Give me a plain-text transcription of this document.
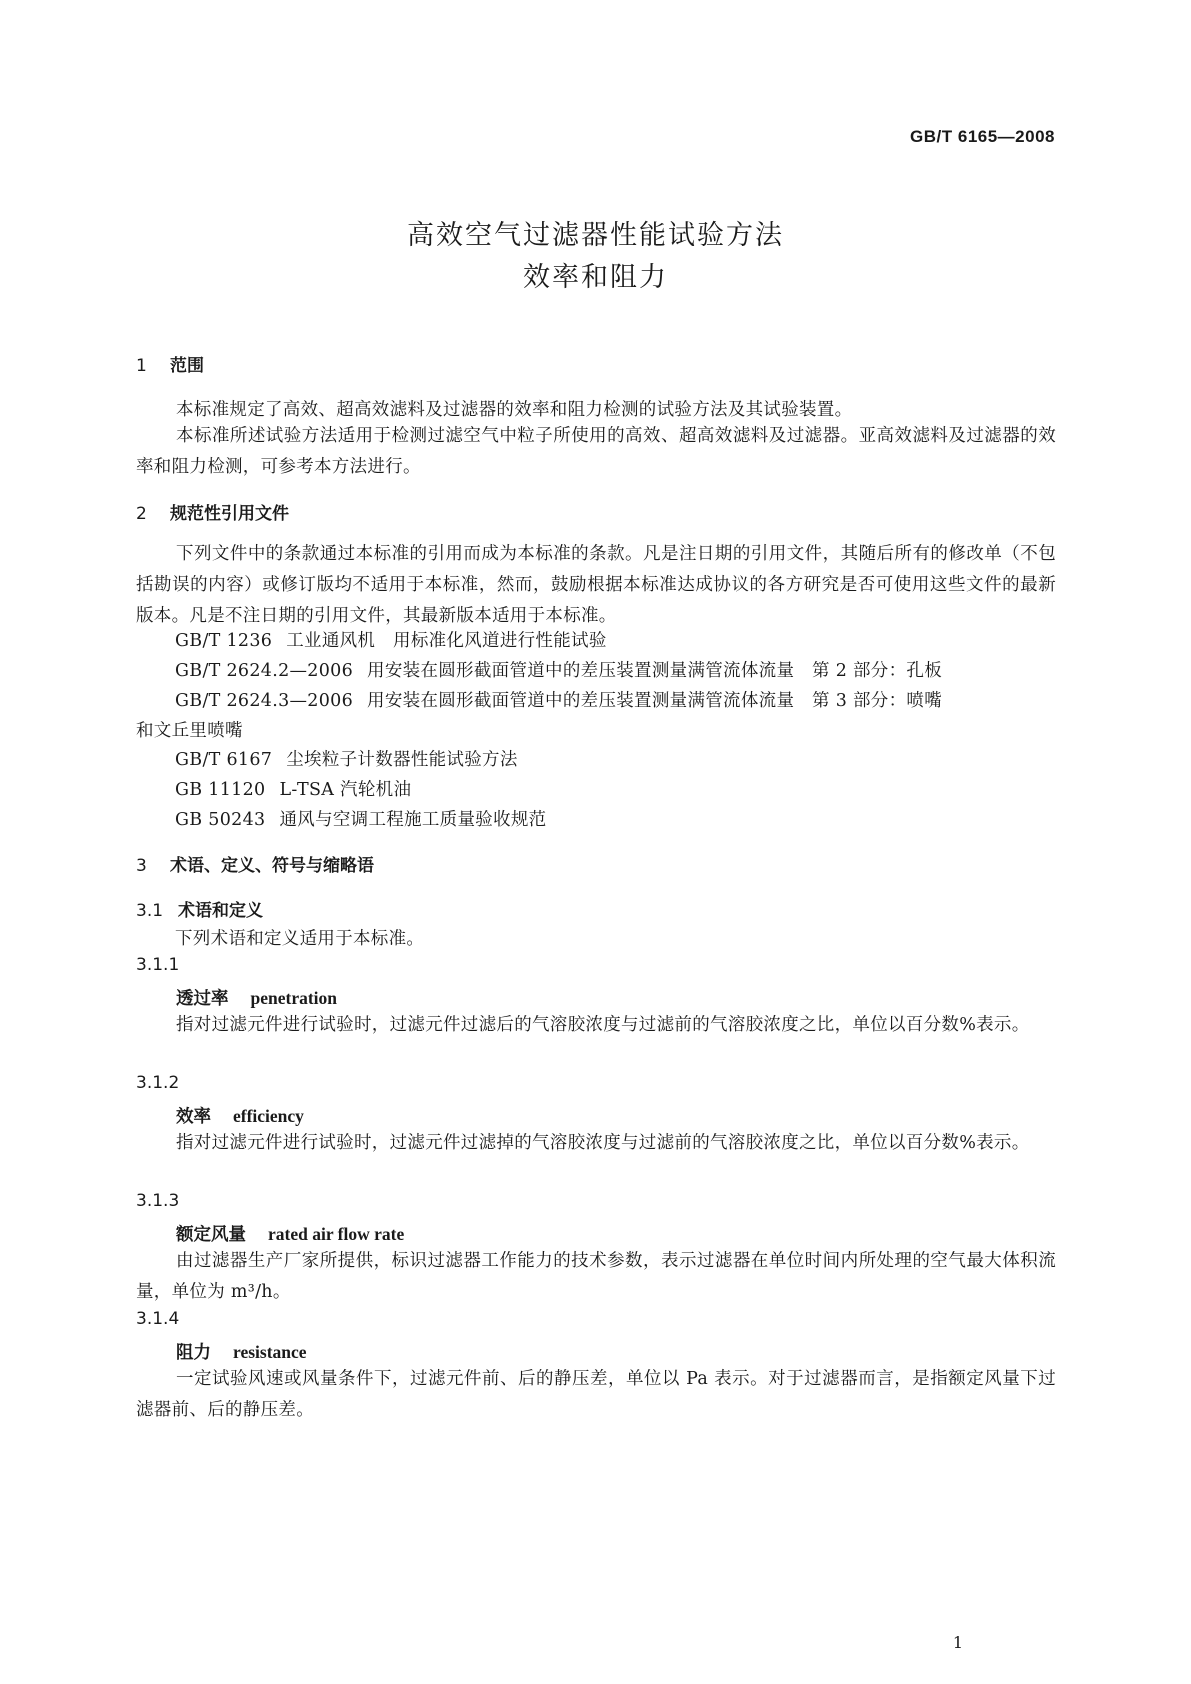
GB/T 6165—2008
高效空气过滤器性能试验方法
效率和阻力
1 范围

本标准规定了高效、超高效滤料及过滤器的效率和阻力检测的试验方法及其试验装置。

本标准所述试验方法适用于检测过滤空气中粒子所使用的高效、超高效滤料及过滤器。亚高效滤料及过滤器的效率和阻力检测，可参考本方法进行。

2 规范性引用文件

下列文件中的条款通过本标准的引用而成为本标准的条款。凡是注日期的引用文件，其随后所有的修改单（不包括勘误的内容）或修订版均不适用于本标准，然而，鼓励根据本标准达成协议的各方研究是否可使用这些文件的最新版本。凡是不注日期的引用文件，其最新版本适用于本标准。

GB/T 1236 工业通风机　用标准化风道进行性能试验
GB/T 2624.2—2006 用安装在圆形截面管道中的差压装置测量满管流体流量　第 2 部分：孔板
GB/T 2624.3—2006 用安装在圆形截面管道中的差压装置测量满管流体流量　第 3 部分：喷嘴
和文丘里喷嘴
GB/T 6167 尘埃粒子计数器性能试验方法
GB 11120 L-TSA 汽轮机油
GB 50243 通风与空调工程施工质量验收规范
3 术语、定义、符号与缩略语
3.1 术语和定义
下列术语和定义适用于本标准。
3.1.1
透过率 penetration

指对过滤元件进行试验时，过滤元件过滤后的气溶胶浓度与过滤前的气溶胶浓度之比，单位以百分数%表示。

3.1.2
效率 efficiency

指对过滤元件进行试验时，过滤元件过滤掉的气溶胶浓度与过滤前的气溶胶浓度之比，单位以百分数%表示。

3.1.3
额定风量 rated air flow rate

由过滤器生产厂家所提供，标识过滤器工作能力的技术参数，表示过滤器在单位时间内所处理的空气最大体积流量，单位为 m³/h。

3.1.4
阻力 resistance

一定试验风速或风量条件下，过滤元件前、后的静压差，单位以 Pa 表示。对于过滤器而言，是指额定风量下过滤器前、后的静压差。

1
